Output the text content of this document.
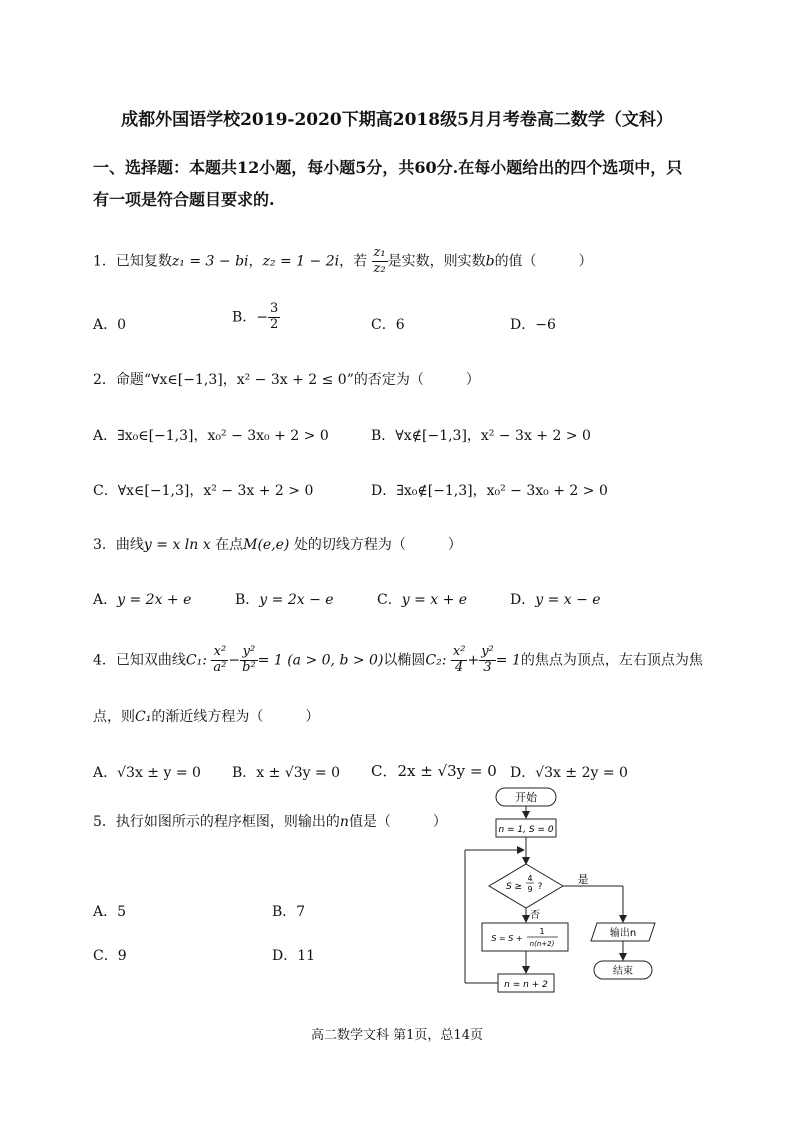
成都外国语学校2019-2020下期高2018级5月月考卷高二数学（文科）
一、选择题：本题共12小题，每小题5分，共60分.在每小题给出的四个选项中，只
有一项是符合题目要求的.
1．已知复数z₁ = 3 − bi，z₂ = 1 − 2i，若 $\frac{\text{z₁}}{\text{z₂}}$ 是实数，则实数b的值（　　　）
A．0	B．− $\frac{3}{2}$	C．6	D．−6
2．命题“∀x∈[−1,3]，x² − 3x + 2 ≤ 0”的否定为（　　　）
A．∃x₀∈[−1,3]，x₀² − 3x₀ + 2 > 0	B．∀x∉[−1,3]，x² − 3x + 2 > 0
C．∀x∈[−1,3]，x² − 3x + 2 > 0	D．∃x₀∉[−1,3]，x₀² − 3x₀ + 2 > 0
3．曲线y = x ln x 在点M(e,e) 处的切线方程为（　　　）
A．y = 2x + e	B．y = 2x − e	C．y = x + e	D．y = x − e
4．已知双曲线C₁: $\frac{\text{x²}}{\text{a²}} - \frac{\text{y²}}{\text{b²}} = 1$ (a > 0, b > 0)以椭圆C₂: $\frac{\text{x²}}{4} + \frac{\text{y²}}{3} = 1$的焦点为顶点，左右顶点为焦
点，则C₁的渐近线方程为（　　　）
A．√3x ± y = 0 B．x ± √3y = 0 C．2x ± √3y = 0 D．√3x ± 2y = 0
5．执行如图所示的程序框图，则输出的n值是（　　　）
A．5	B．7
C．9	D．11
开始
n = 1, S = 0
S ≥
4
9 ?
是
输出n
结束
否
S = S +
1
n(n+2)
n = n + 2
高二数学文科 第1页，总14页
